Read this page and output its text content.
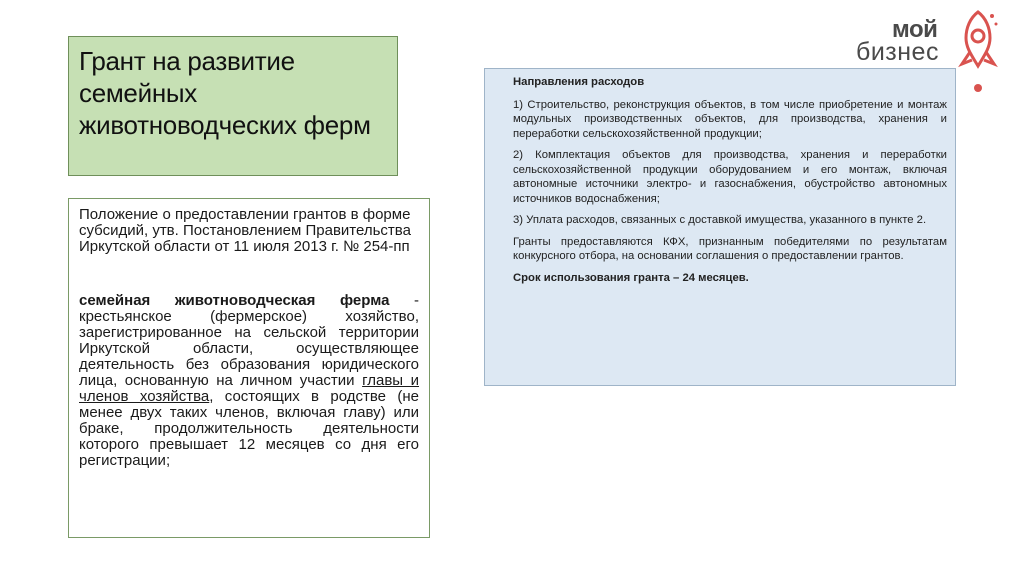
мой
бизнес
Грант на развитие семейных животноводческих ферм

Положение о предоставлении грантов в форме субсидий, утв. Постановлением Правительства Иркутской области от 11 июля 2013 г. № 254-пп

семейная животноводческая ферма - крестьянское (фермерское) хозяйство, зарегистрированное на сельской территории Иркутской области, осуществляющее деятельность без образования юридического лица, основанную на личном участии главы и членов хозяйства, состоящих в родстве (не менее двух таких членов, включая главу) или браке, продолжительность деятельности которого превышает 12 месяцев со дня его регистрации;

Направления расходов

1) Строительство, реконструкция объектов, в том числе приобретение и монтаж модульных производственных объектов, для производства, хранения и переработки сельскохозяйственной продукции;

2) Комплектация объектов для производства, хранения и переработки сельскохозяйственной продукции оборудованием и его монтаж, включая автономные источники электро- и газоснабжения, обустройство автономных источников водоснабжения;

3) Уплата расходов, связанных с доставкой имущества, указанного в пункте 2.

Гранты предоставляются КФХ, признанным победителями по результатам конкурсного отбора, на основании соглашения о предоставлении грантов.

Срок использования гранта – 24 месяцев.
